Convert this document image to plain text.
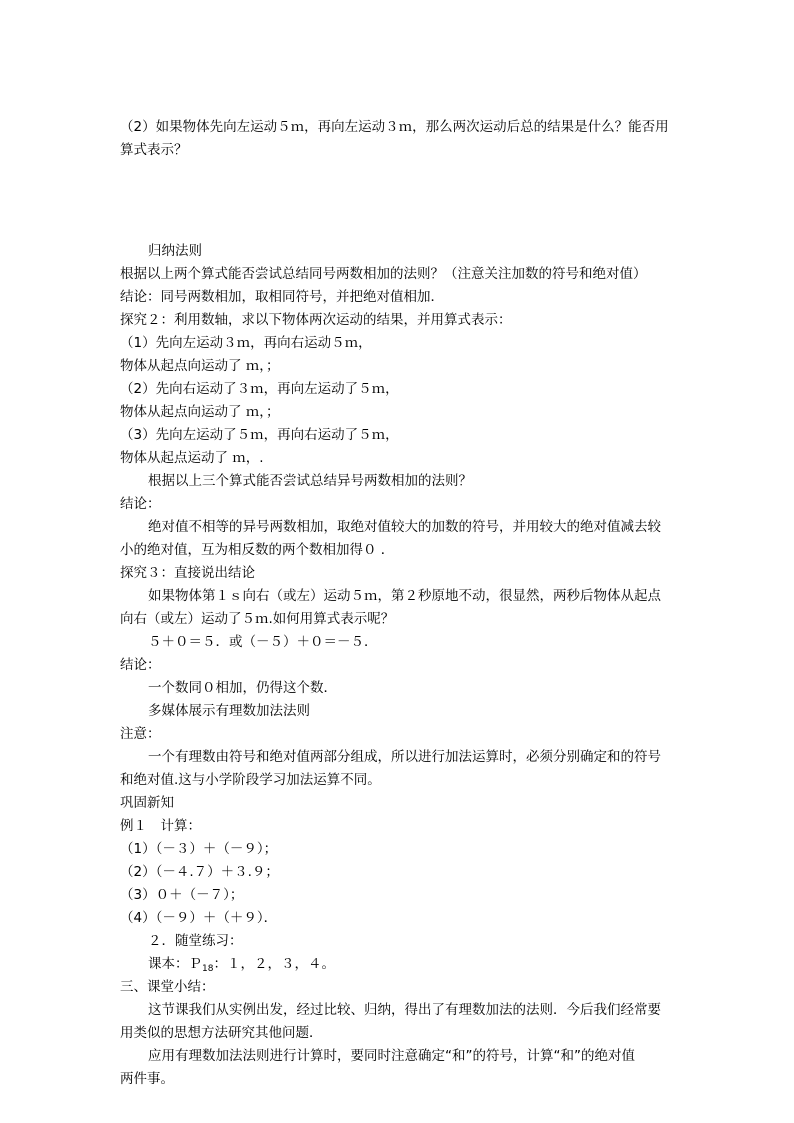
（2）如果物体先向左运动５ｍ，再向左运动３ｍ，那么两次运动后总的结果是什么？能否用
算式表示？
归纳法则
根据以上两个算式能否尝试总结同号两数相加的法则？（注意关注加数的符号和绝对值）
结论：同号两数相加，取相同符号，并把绝对值相加．
探究２：利用数轴，求以下物体两次运动的结果，并用算式表示：
（1）先向左运动３ｍ，再向右运动５ｍ，
物体从起点向运动了 ｍ，；
（2）先向右运动了３ｍ，再向左运动了５ｍ，
物体从起点向运动了 ｍ，；
（3）先向左运动了５ｍ，再向右运动了５ｍ，
物体从起点运动了 ｍ，.
根据以上三个算式能否尝试总结异号两数相加的法则？
结论：
绝对值不相等的异号两数相加，取绝对值较大的加数的符号，并用较大的绝对值减去较
小的绝对值，互为相反数的两个数相加得０ ．
探究３：直接说出结论
如果物体第１ｓ向右（或左）运动５ｍ，第２秒原地不动，很显然，两秒后物体从起点
向右（或左）运动了５ｍ.如何用算式表示呢？
５＋０＝５．或（－５）＋０＝－５．
结论：
一个数同０相加，仍得这个数．
多媒体展示有理数加法法则
注意：
一个有理数由符号和绝对值两部分组成，所以进行加法运算时，必须分别确定和的符号
和绝对值.这与小学阶段学习加法运算不同。
巩固新知
例１　计算：
（1）（－３）＋（－９）；
（2）（－４.７）＋３.９；
（3）０＋（－７）；
（4）（－９）＋（＋９）．
２．随堂练习：
课本：Ｐ$_{18}$：１，２，３，４。
三、课堂小结：
这节课我们从实例出发，经过比较、归纳，得出了有理数加法的法则．今后我们经常要
用类似的思想方法研究其他问题．
应用有理数加法法则进行计算时，要同时注意确定“和”的符号，计算“和”的绝对值
两件事。
